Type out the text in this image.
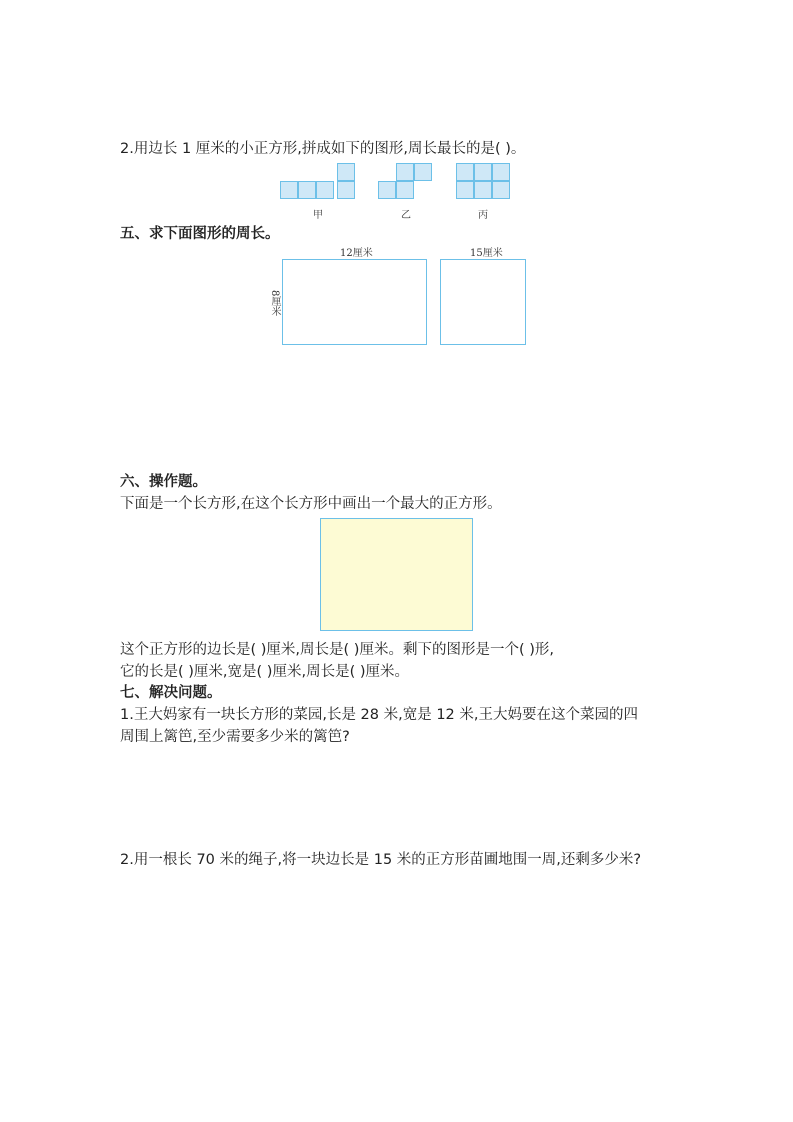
2.用边长 1 厘米的小正方形,拼成如下的图形,周长最长的是( )。
甲	乙	丙
五、求下面图形的周长。
12厘米	15厘米
8厘米
六、操作题。
下面是一个长方形,在这个长方形中画出一个最大的正方形。
这个正方形的边长是( )厘米,周长是( )厘米。剩下的图形是一个( )形,
它的长是( )厘米,宽是( )厘米,周长是( )厘米。
七、解决问题。
1.王大妈家有一块长方形的菜园,长是 28 米,宽是 12 米,王大妈要在这个菜园的四
周围上篱笆,至少需要多少米的篱笆?
2.用一根长 70 米的绳子,将一块边长是 15 米的正方形苗圃地围一周,还剩多少米?
